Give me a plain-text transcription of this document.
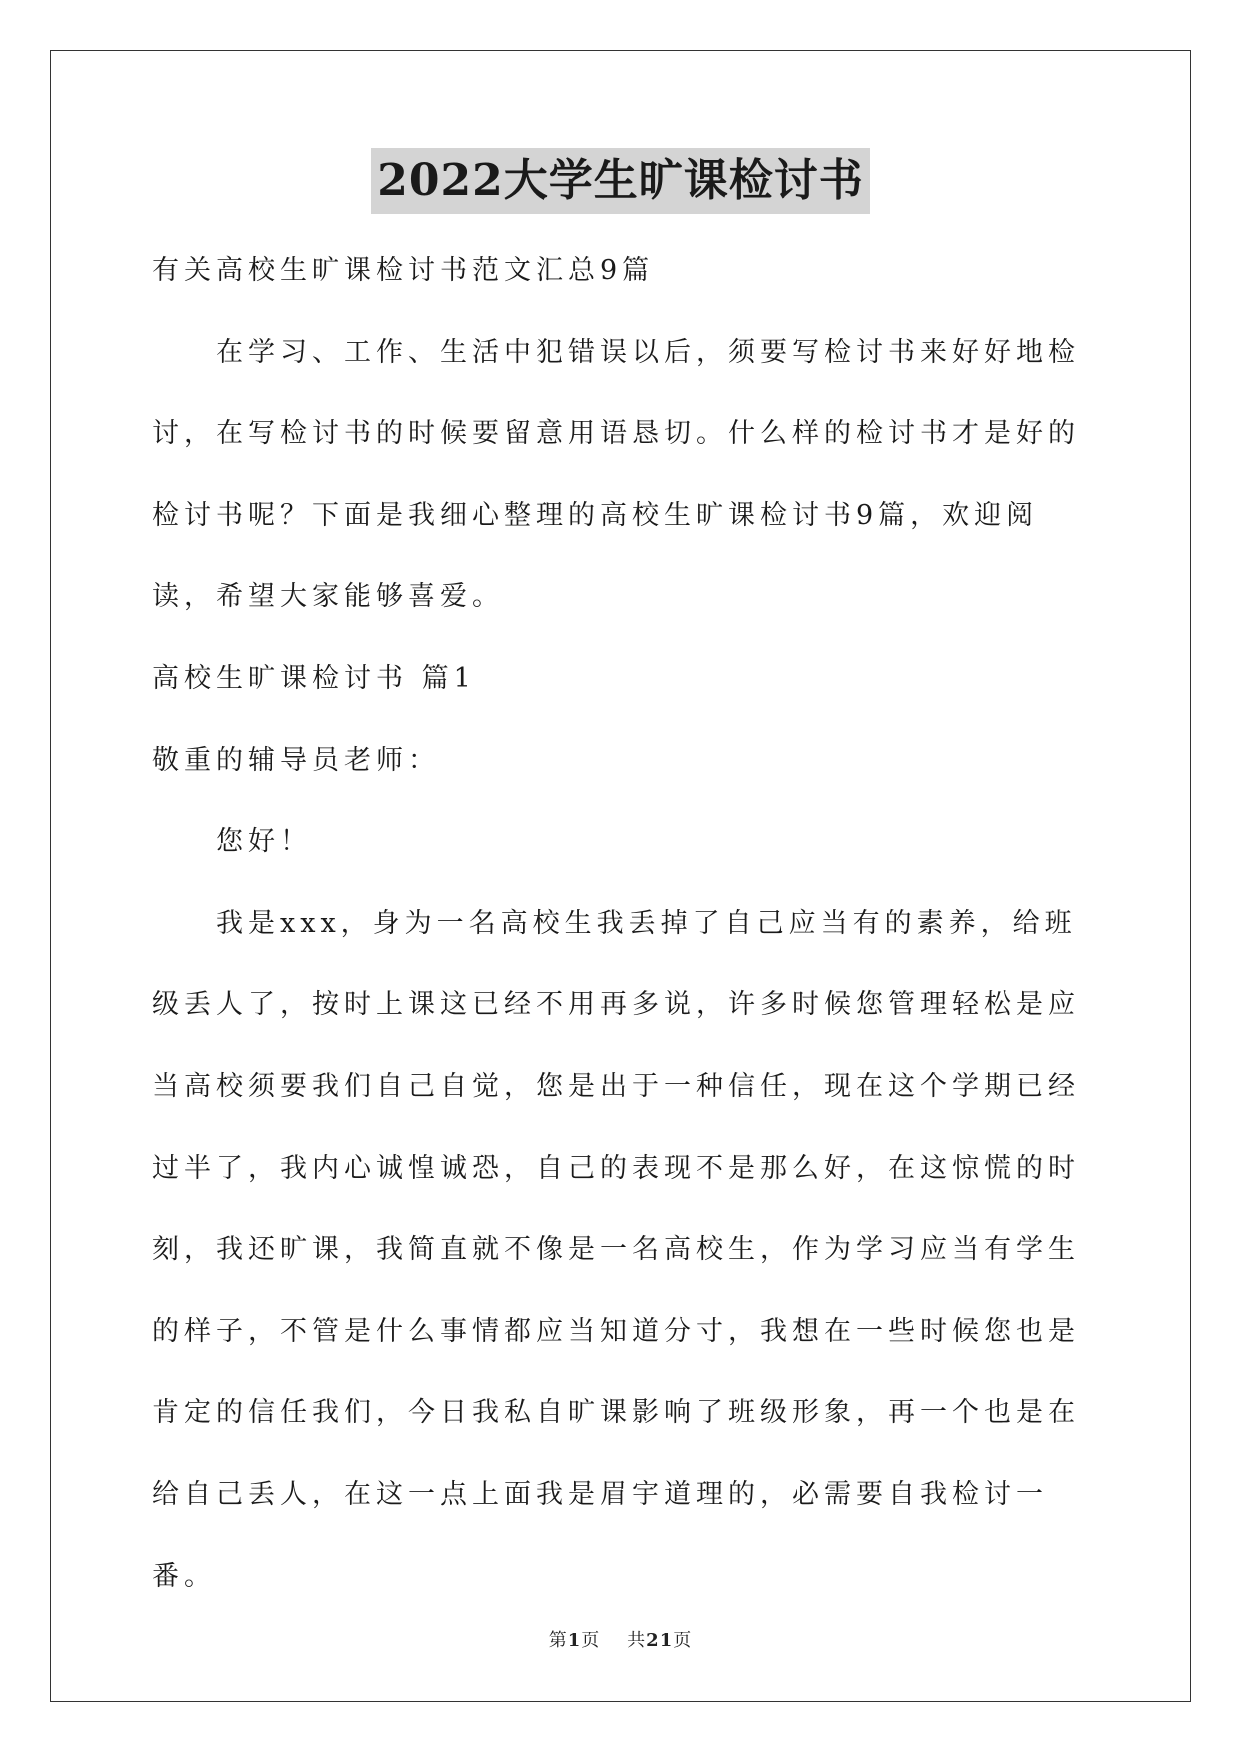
2022大学生旷课检讨书

有关高校生旷课检讨书范文汇总9篇

在学习、工作、生活中犯错误以后，须要写检讨书来好好地检讨，在写检讨书的时候要留意用语恳切。什么样的检讨书才是好的检讨书呢？下面是我细心整理的高校生旷课检讨书9篇，欢迎阅读，希望大家能够喜爱。

高校生旷课检讨书 篇1

敬重的辅导员老师：

您好！

我是xxx，身为一名高校生我丢掉了自己应当有的素养，给班级丢人了，按时上课这已经不用再多说，许多时候您管理轻松是应当高校须要我们自己自觉，您是出于一种信任，现在这个学期已经过半了，我内心诚惶诚恐，自己的表现不是那么好，在这惊慌的时刻，我还旷课，我简直就不像是一名高校生，作为学习应当有学生的样子，不管是什么事情都应当知道分寸，我想在一些时候您也是肯定的信任我们，今日我私自旷课影响了班级形象，再一个也是在给自己丢人，在这一点上面我是眉宇道理的，必需要自我检讨一番。

第1页 共21页
